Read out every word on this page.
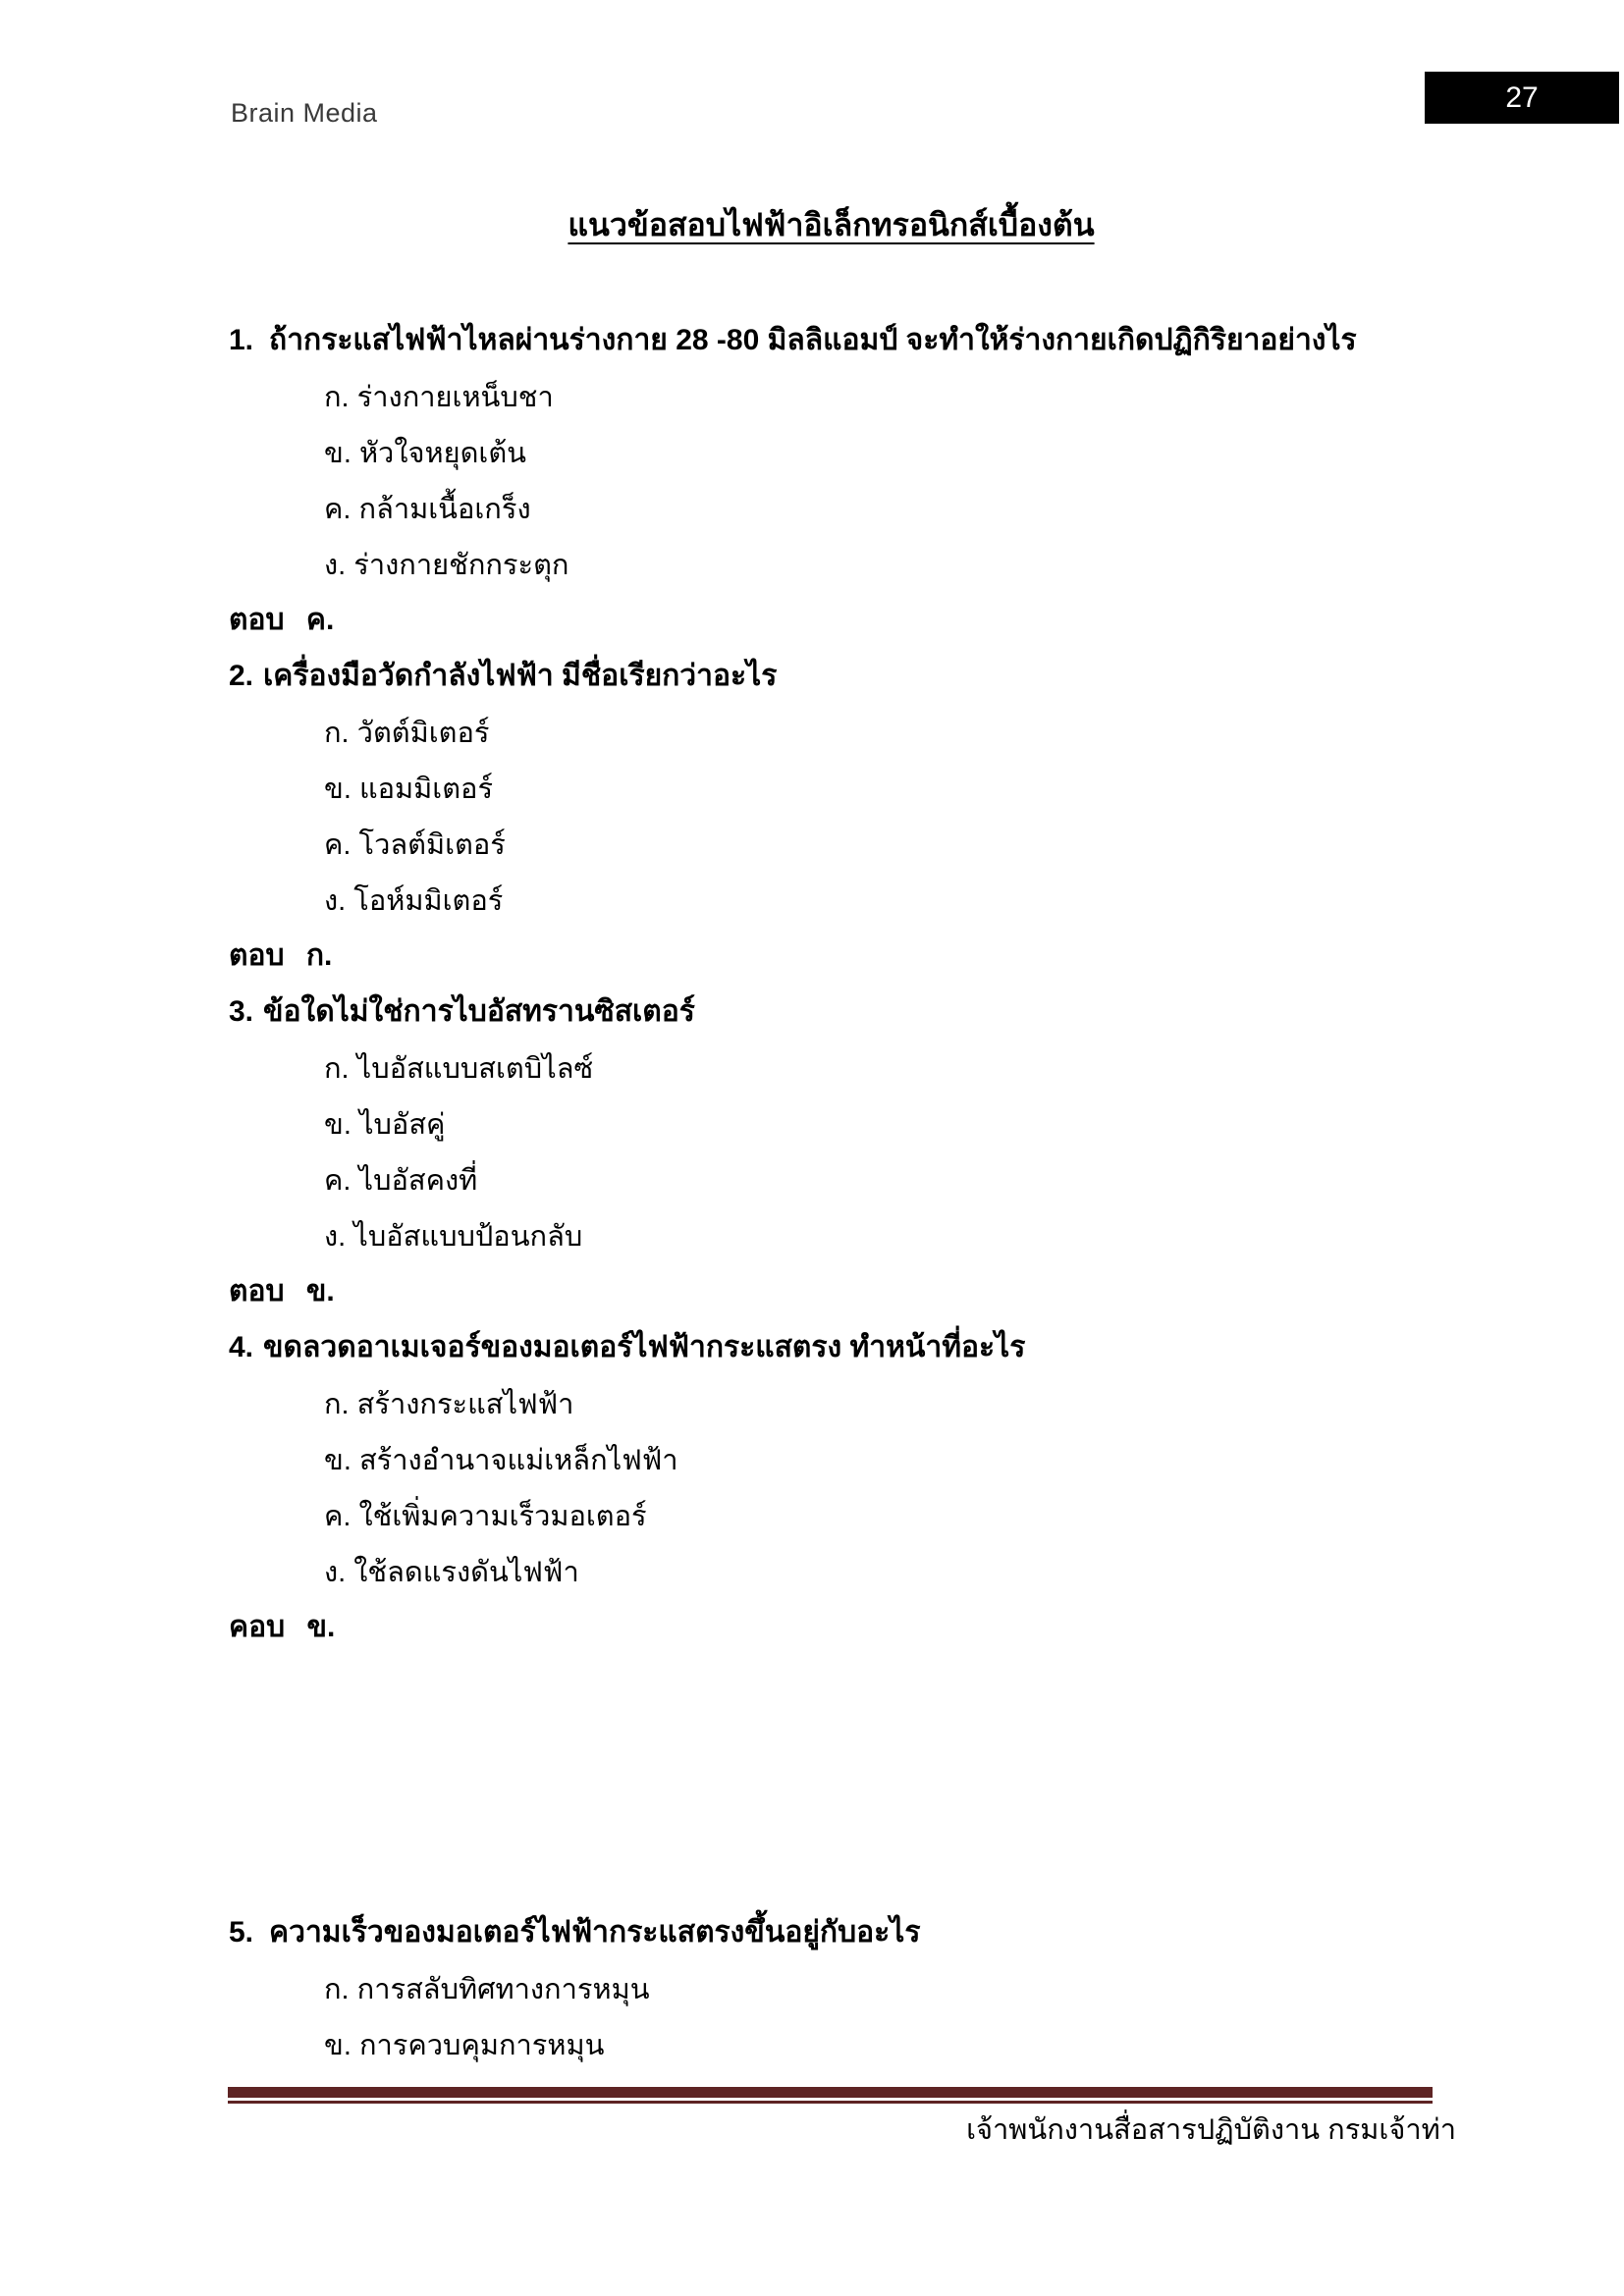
Brain Media	27
แนวข้อสอบไฟฟ้าอิเล็กทรอนิกส์เบื้องต้น
1. ถ้ากระแสไฟฟ้าไหลผ่านร่างกาย 28 -80 มิลลิแอมป์ จะทำให้ร่างกายเกิดปฏิกิริยาอย่างไร
ก. ร่างกายเหน็บชา
ข. หัวใจหยุดเต้น
ค. กล้ามเนื้อเกร็ง
ง. ร่างกายชักกระตุก
ตอบ ค.
2. เครื่องมือวัดกำลังไฟฟ้า มีชื่อเรียกว่าอะไร
ก. วัตต์มิเตอร์
ข. แอมมิเตอร์
ค. โวลต์มิเตอร์
ง. โอห์มมิเตอร์
ตอบ ก.
3. ข้อใดไม่ใช่การไบอัสทรานซิสเตอร์
ก. ไบอัสแบบสเตบิไลซ์
ข. ไบอัสคู่
ค. ไบอัสคงที่
ง. ไบอัสแบบป้อนกลับ
ตอบ ข.
4. ขดลวดอาเมเจอร์ของมอเตอร์ไฟฟ้ากระแสตรง ทำหน้าที่อะไร
ก. สร้างกระแสไฟฟ้า
ข. สร้างอำนาจแม่เหล็กไฟฟ้า
ค. ใช้เพิ่มความเร็วมอเตอร์
ง. ใช้ลดแรงดันไฟฟ้า
คอบ ข.
5. ความเร็วของมอเตอร์ไฟฟ้ากระแสตรงขึ้นอยู่กับอะไร
ก. การสลับทิศทางการหมุน
ข. การควบคุมการหมุน
เจ้าพนักงานสื่อสารปฏิบัติงาน กรมเจ้าท่า
